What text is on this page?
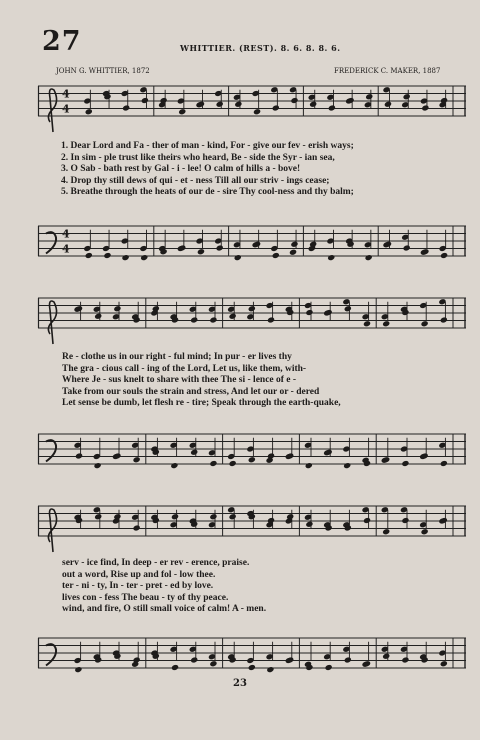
27	WHITTIER. (REST). 8. 6. 8. 8. 6.
JOHN G. WHITTIER, 1872	FREDERICK C. MAKER, 1887
4
4
1. Dear Lord and Fa - ther of man - kind, For - give our fev - erish ways;
2. In sim - ple trust like theirs who heard, Be - side the Syr - ian sea,
3. O Sab - bath rest by Gal - i - lee! O calm of hills a - bove!
4. Drop thy still dews of qui - et - ness Till all our striv - ings cease;
5. Breathe through the heats of our de - sire Thy cool-ness and thy balm;
4
4
Re - clothe us in our right - ful mind; In pur - er lives thy
The gra - cious call - ing of the Lord, Let us, like them, with-
Where Je - sus knelt to share with thee The si - lence of e -
Take from our souls the strain and stress, And let our or - dered
Let sense be dumb, let flesh re - tire; Speak through the earth-quake,
serv - ice find, In deep - er rev - erence, praise.
out a word, Rise up and fol - low thee.
ter - ni - ty, In - ter - pret - ed by love.
lives con - fess The beau - ty of thy peace.
wind, and fire, O still small voice of calm! A - men.
23
